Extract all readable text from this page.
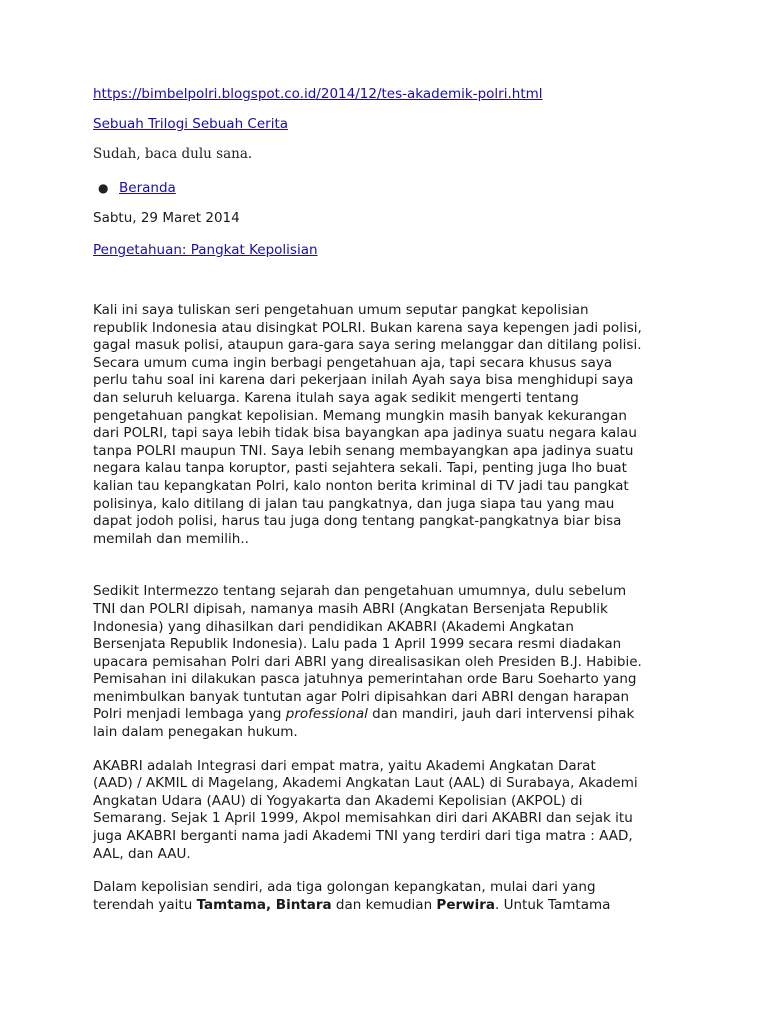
https://bimbelpolri.blogspot.co.id/2014/12/tes-akademik-polri.html

Sebuah Trilogi Sebuah Cerita

Sudah, baca dulu sana.

● Beranda

Sabtu, 29 Maret 2014

Pengetahuan: Pangkat Kepolisian

Kali ini saya tuliskan seri pengetahuan umum seputar pangkat kepolisian
republik Indonesia atau disingkat POLRI. Bukan karena saya kepengen jadi polisi,
gagal masuk polisi, ataupun gara-gara saya sering melanggar dan ditilang polisi.
Secara umum cuma ingin berbagi pengetahuan aja, tapi secara khusus saya
perlu tahu soal ini karena dari pekerjaan inilah Ayah saya bisa menghidupi saya
dan seluruh keluarga. Karena itulah saya agak sedikit mengerti tentang
pengetahuan pangkat kepolisian. Memang mungkin masih banyak kekurangan
dari POLRI, tapi saya lebih tidak bisa bayangkan apa jadinya suatu negara kalau
tanpa POLRI maupun TNI. Saya lebih senang membayangkan apa jadinya suatu
negara kalau tanpa koruptor, pasti sejahtera sekali. Tapi, penting juga lho buat
kalian tau kepangkatan Polri, kalo nonton berita kriminal di TV jadi tau pangkat
polisinya, kalo ditilang di jalan tau pangkatnya, dan juga siapa tau yang mau
dapat jodoh polisi, harus tau juga dong tentang pangkat-pangkatnya biar bisa
memilah dan memilih..

Sedikit Intermezzo tentang sejarah dan pengetahuan umumnya, dulu sebelum
TNI dan POLRI dipisah, namanya masih ABRI (Angkatan Bersenjata Republik
Indonesia) yang dihasilkan dari pendidikan AKABRI (Akademi Angkatan
Bersenjata Republik Indonesia). Lalu pada 1 April 1999 secara resmi diadakan
upacara pemisahan Polri dari ABRI yang direalisasikan oleh Presiden B.J. Habibie.
Pemisahan ini dilakukan pasca jatuhnya pemerintahan orde Baru Soeharto yang
menimbulkan banyak tuntutan agar Polri dipisahkan dari ABRI dengan harapan
Polri menjadi lembaga yang professional dan mandiri, jauh dari intervensi pihak
lain dalam penegakan hukum.

AKABRI adalah Integrasi dari empat matra, yaitu Akademi Angkatan Darat
(AAD) / AKMIL di Magelang, Akademi Angkatan Laut (AAL) di Surabaya, Akademi
Angkatan Udara (AAU) di Yogyakarta dan Akademi Kepolisian (AKPOL) di
Semarang. Sejak 1 April 1999, Akpol memisahkan diri dari AKABRI dan sejak itu
juga AKABRI berganti nama jadi Akademi TNI yang terdiri dari tiga matra : AAD,
AAL, dan AAU.

Dalam kepolisian sendiri, ada tiga golongan kepangkatan, mulai dari yang
terendah yaitu Tamtama, Bintara dan kemudian Perwira. Untuk Tamtama
